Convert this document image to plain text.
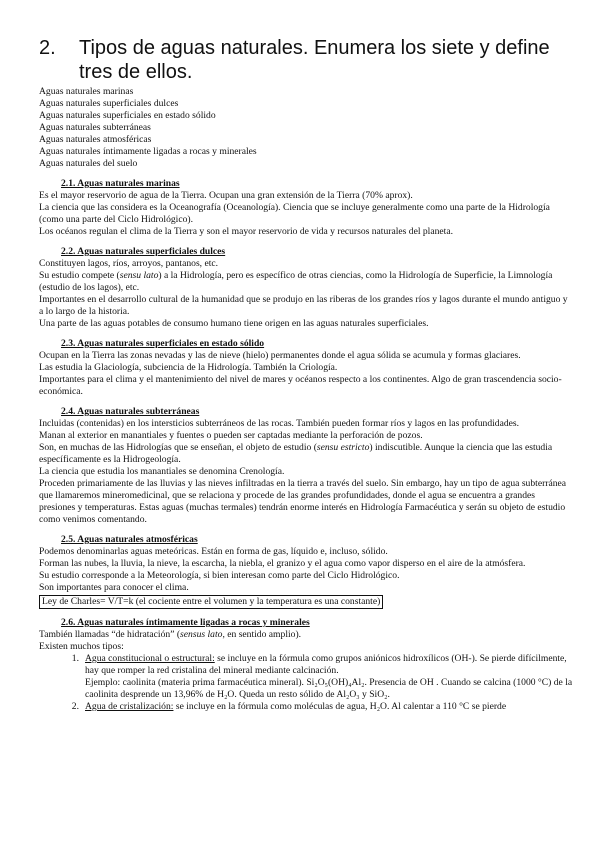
2.	Tipos de aguas naturales. Enumera los siete y define tres de ellos.
Aguas naturales marinas
Aguas naturales superficiales dulces
Aguas naturales superficiales en estado sólido
Aguas naturales subterráneas
Aguas naturales atmosféricas
Aguas naturales íntimamente ligadas a rocas y minerales
Aguas naturales del suelo
2.1. Aguas naturales marinas

Es el mayor reservorio de agua de la Tierra. Ocupan una gran extensión de la Tierra (70% aprox).

La ciencia que las considera es la Oceanografía (Oceanología). Ciencia que se incluye generalmente como una parte de la Hidrología (como una parte del Ciclo Hidrológico).

Los océanos regulan el clima de la Tierra y son el mayor reservorio de vida y recursos naturales del planeta.

2.2. Aguas naturales superficiales dulces

Constituyen lagos, ríos, arroyos, pantanos, etc.

Su estudio compete (sensu lato) a la Hidrología, pero es específico de otras ciencias, como la Hidrología de Superficie, la Limnología (estudio de los lagos), etc.

Importantes en el desarrollo cultural de la humanidad que se produjo en las riberas de los grandes ríos y lagos durante el mundo antiguo y a lo largo de la historia.

Una parte de las aguas potables de consumo humano tiene origen en las aguas naturales superficiales.

2.3. Aguas naturales superficiales en estado sólido

Ocupan en la Tierra las zonas nevadas y las de nieve (hielo) permanentes donde el agua sólida se acumula y formas glaciares.

Las estudia la Glaciología, subciencia de la Hidrología. También la Criología.

Importantes para el clima y el mantenimiento del nivel de mares y océanos respecto a los continentes. Algo de gran trascendencia socio-económica.

2.4. Aguas naturales subterráneas

Incluidas (contenidas) en los intersticios subterráneos de las rocas. También pueden formar ríos y lagos en las profundidades.

Manan al exterior en manantiales y fuentes o pueden ser captadas mediante la perforación de pozos.

Son, en muchas de las Hidrologías que se enseñan, el objeto de estudio (sensu estricto) indiscutible. Aunque la ciencia que las estudia específicamente es la Hidrogeología.

La ciencia que estudia los manantiales se denomina Crenología.

Proceden primariamente de las lluvias y las nieves infiltradas en la tierra a través del suelo. Sin embargo, hay un tipo de agua subterránea que llamaremos mineromedicinal, que se relaciona y procede de las grandes profundidades, donde el agua se encuentra a grandes presiones y temperaturas. Estas aguas (muchas termales) tendrán enorme interés en Hidrología Farmacéutica y serán su objeto de estudio como venimos comentando.

2.5. Aguas naturales atmosféricas

Podemos denominarlas aguas meteóricas. Están en forma de gas, líquido e, incluso, sólido.

Forman las nubes, la lluvia, la nieve, la escarcha, la niebla, el granizo y el agua como vapor disperso en el aire de la atmósfera.

Su estudio corresponde a la Meteorología, si bien interesan como parte del Ciclo Hidrológico.

Son importantes para conocer el clima.

Ley de Charles= V/T=k (el cociente entre el volumen y la temperatura es una constante)
2.6. Aguas naturales íntimamente ligadas a rocas y minerales

También llamadas “de hidratación” (sensus lato, en sentido amplio).

Existen muchos tipos:

1. Agua constitucional o estructural: se incluye en la fórmula como grupos aniónicos hidroxílicos (OH-). Se pierde difícilmente, hay que romper la red cristalina del mineral mediante calcinación.
Ejemplo: caolinita (materia prima farmacéutica mineral). Si₂O₅(OH)₄Al₂. Presencia de OH . Cuando se calcina (1000 °C) de la caolinita desprende un 13,96% de H₂O. Queda un resto sólido de Al₂O₃ y SiO₂.
2. Agua de cristalización: se incluye en la fórmula como moléculas de agua, H₂O. Al calentar a 110 °C se pierde
